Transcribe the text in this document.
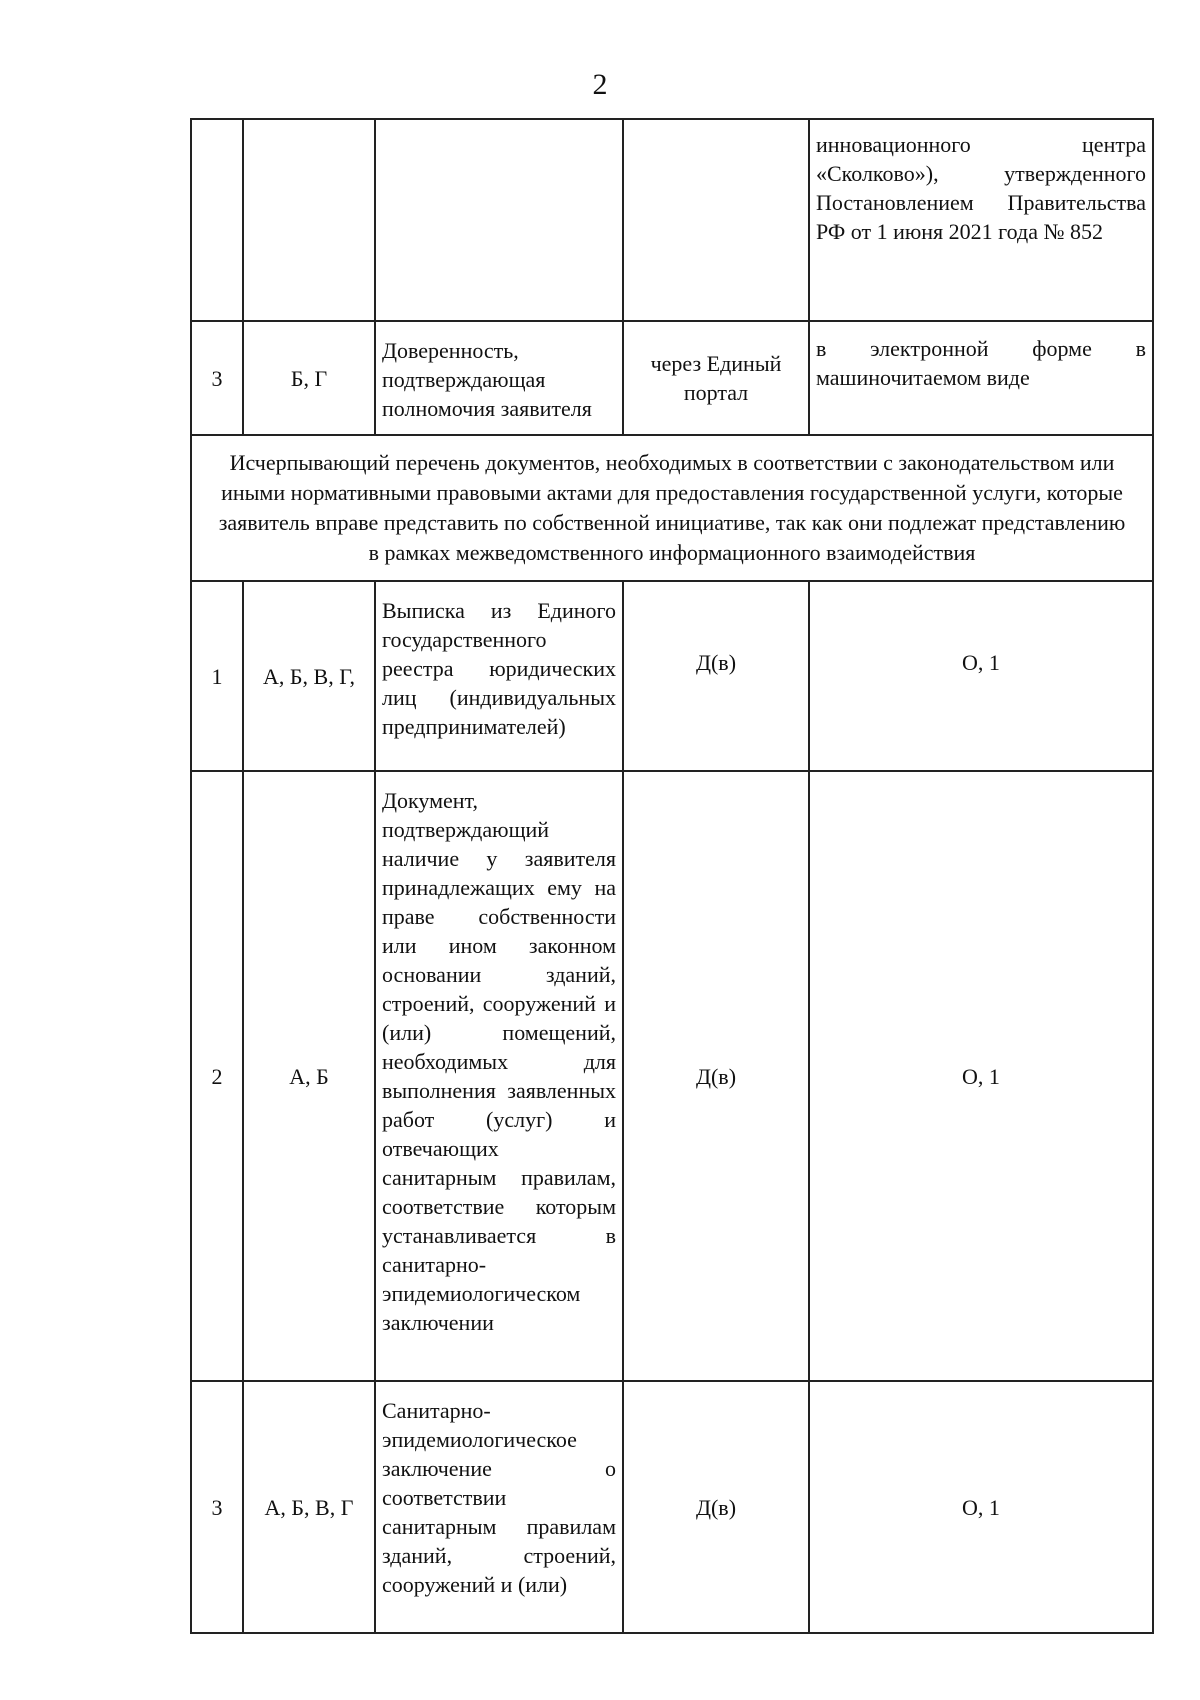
2
				инновационного центра «Сколково»), утвержденного Постановлением Правительства РФ от 1 июня 2021 года № 852
3	Б, Г	Доверенность, подтверждающая полномочия заявителя	через Единый портал	в электронной форме в машиночитаемом виде
Исчерпывающий перечень документов, необходимых в соответствии с законодательством или иными нормативными правовыми актами для предоставления государственной услуги, которые заявитель вправе представить по собственной инициативе, так как они подлежат представлению в рамках межведомственного информационного взаимодействия				
1	А, Б, В, Г,	Выписка из Единого государственного реестра юридических лиц (индивидуальных предпринимателей)	Д(в)	О, 1
2	А, Б	Документ, подтверждающий наличие у заявителя принадлежащих ему на праве собственности или ином законном основании зданий, строений, сооружений и (или) помещений, необходимых для выполнения заявленных работ (услуг) и отвечающих санитарным правилам, соответствие которым устанавливается в санитарно-эпидемиологическом заключении	Д(в)	О, 1
3	А, Б, В, Г	Санитарно-эпидемиологическое заключение о соответствии санитарным правилам зданий, строений, сооружений и (или)	Д(в)	О, 1
